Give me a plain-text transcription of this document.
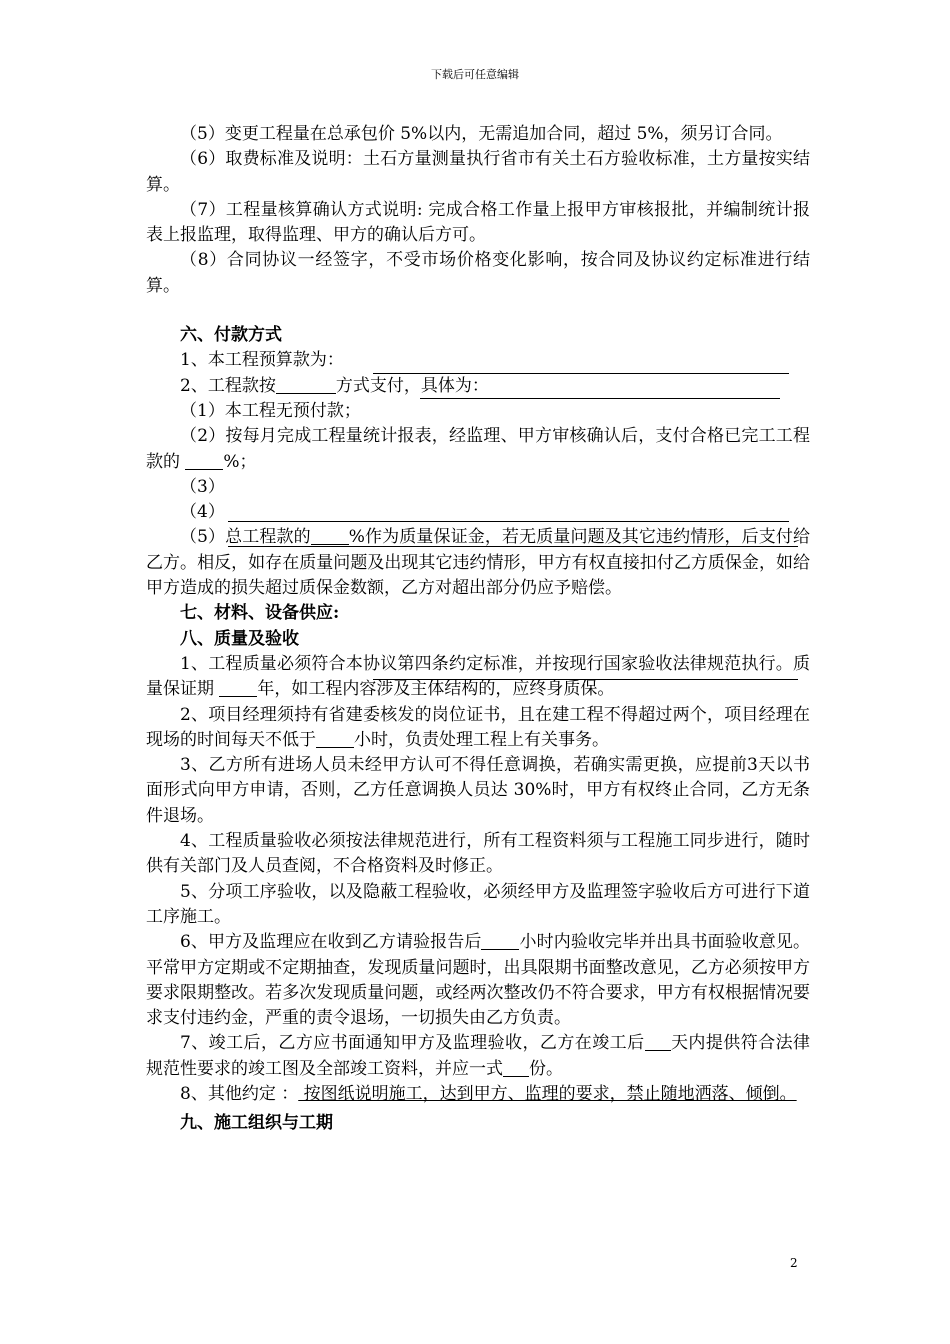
下载后可任意编辑

（5）变更工程量在总承包价 5%以内，无需追加合同，超过 5%，须另订合同。

（6）取费标准及说明：土石方量测量执行省市有关土石方验收标准，土方量按实结算。

（7）工程量核算确认方式说明: 完成合格工作量上报甲方审核报批，并编制统计报表上报监理，取得监理、甲方的确认后方可。

（8）合同协议一经签字，不受市场价格变化影响，按合同及协议约定标准进行结算。

六、付款方式

1、本工程预算款为：

2、工程款按	方式支付，具体为：

（1）本工程无预付款；

（2）按每月完成工程量统计报表，经监理、甲方审核确认后，支付合格已完工工程款的 %；

（3）

（4）

（5）总工程款的 %作为质量保证金，若无质量问题及其它违约情形，后支付给乙方。相反，如存在质量问题及出现其它违约情形，甲方有权直接扣付乙方质保金，如给甲方造成的损失超过质保金数额，乙方对超出部分仍应予赔偿。

七、材料、设备供应:

八、质量及验收

1、工程质量必须符合本协议第四条约定标准，并按现行国家验收法律规范执行。质量保证期 年，如工程内容涉及主体结构的，应终身质保。

2、项目经理须持有省建委核发的岗位证书，且在建工程不得超过两个，项目经理在现场的时间每天不低于 小时，负责处理工程上有关事务。

3、乙方所有进场人员未经甲方认可不得任意调换，若确实需更换，应提前3天以书面形式向甲方申请，否则，乙方任意调换人员达 30%时，甲方有权终止合同，乙方无条件退场。

4、工程质量验收必须按法律规范进行，所有工程资料须与工程施工同步进行，随时供有关部门及人员查阅，不合格资料及时修正。

5、分项工序验收，以及隐蔽工程验收，必须经甲方及监理签字验收后方可进行下道工序施工。

6、甲方及监理应在收到乙方请验报告后 小时内验收完毕并出具书面验收意见。平常甲方定期或不定期抽查，发现质量问题时，出具限期书面整改意见，乙方必须按甲方要求限期整改。若多次发现质量问题，或经两次整改仍不符合要求，甲方有权根据情况要求支付违约金，严重的责令退场，一切损失由乙方负责。

7、竣工后，乙方应书面通知甲方及监理验收，乙方在竣工后 天内提供符合法律规范性要求的竣工图及全部竣工资料，并应一式 份。

8、其他约定 ： 按图纸说明施工，达到甲方、监理的要求，禁止随地洒落、倾倒。

九、施工组织与工期

2
